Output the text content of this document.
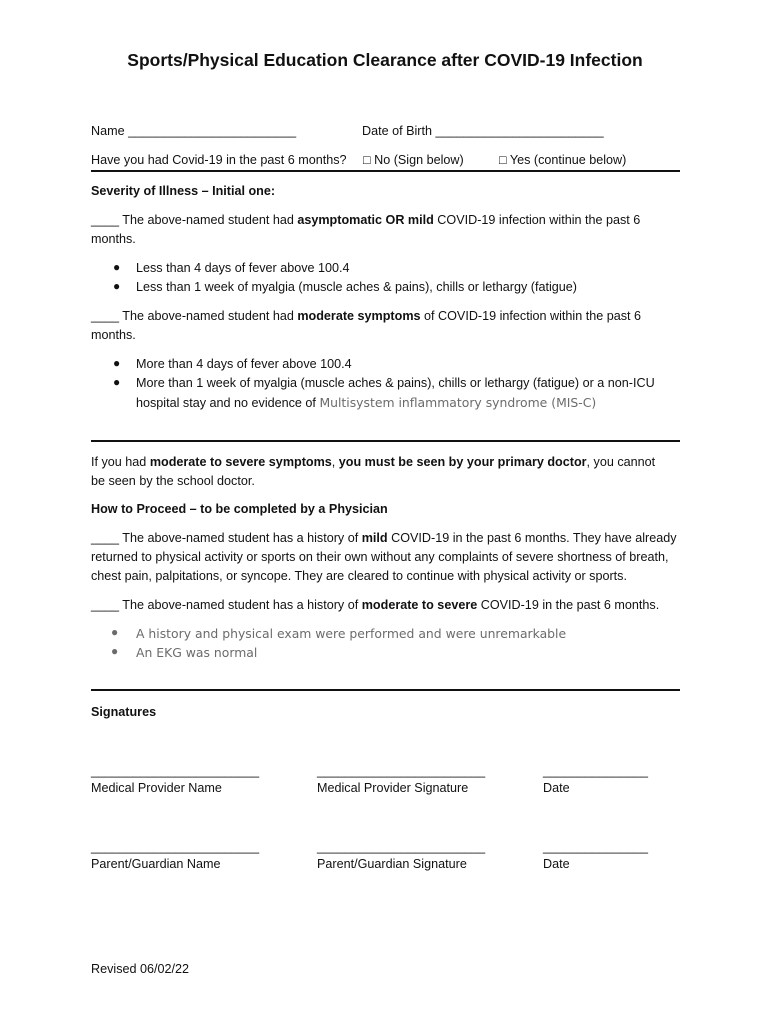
Sports/Physical Education Clearance after COVID-19 Infection
Name ________________________	Date of Birth ________________________
Have you had Covid-19 in the past 6 months? □ No (Sign below)	□ Yes (continue below)
Severity of Illness – Initial one:
____ The above-named student had asymptomatic OR mild COVID-19 infection within the past 6 months.
● Less than 4 days of fever above 100.4
● Less than 1 week of myalgia (muscle aches & pains), chills or lethargy (fatigue)
____ The above-named student had moderate symptoms of COVID-19 infection within the past 6 months.
● More than 4 days of fever above 100.4
● More than 1 week of myalgia (muscle aches & pains), chills or lethargy (fatigue) or a non-ICU
hospital stay and no evidence of Multisystem inflammatory syndrome (MIS-C)
If you had moderate to severe symptoms, you must be seen by your primary doctor, you cannot be seen by the school doctor.
How to Proceed – to be completed by a Physician
____ The above-named student has a history of mild COVID-19 in the past 6 months. They have already returned to physical activity or sports on their own without any complaints of severe shortness of breath, chest pain, palpitations, or syncope. They are cleared to continue with physical activity or sports.
____ The above-named student has a history of moderate to severe COVID-19 in the past 6 months.
● A history and physical exam were performed and were unremarkable
● An EKG was normal
Signatures
________________________	________________________	_______________
Medical Provider Name	Medical Provider Signature	Date
________________________	________________________	_______________
Parent/Guardian Name	Parent/Guardian Signature	Date
Revised 06/02/22
